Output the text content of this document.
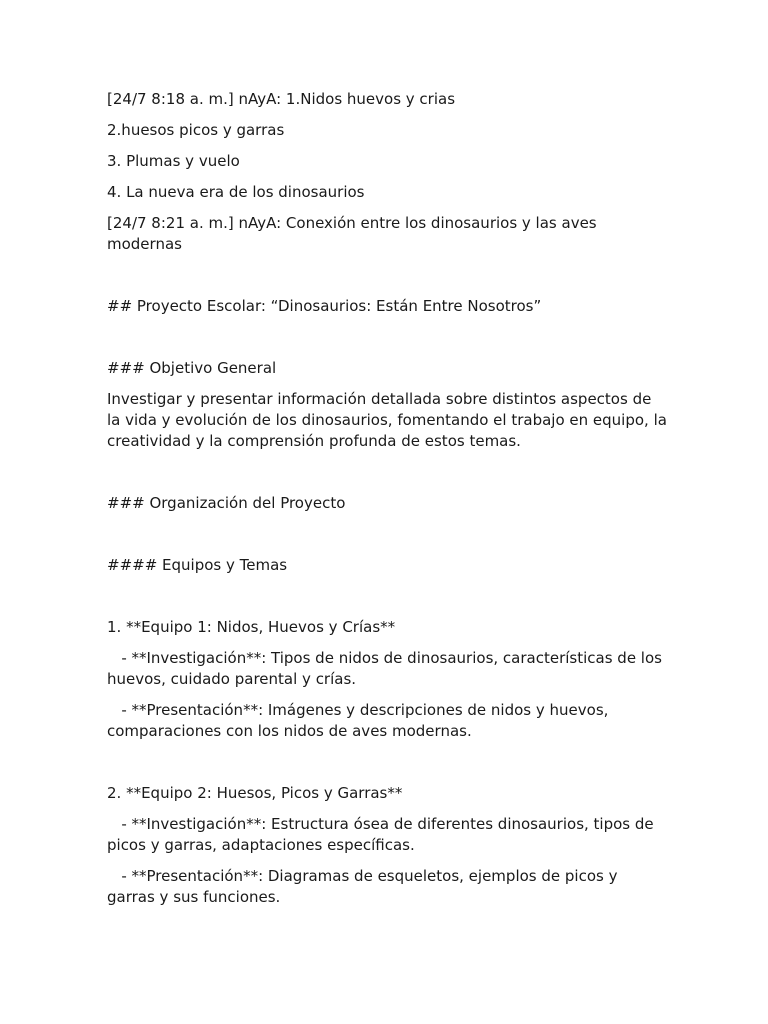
[24/7 8:18 a. m.] nAyA: 1.Nidos huevos y crias

2.huesos picos y garras

3. Plumas y vuelo

4. La nueva era de los dinosaurios

[24/7 8:21 a. m.] nAyA: Conexión entre los dinosaurios y las aves modernas

## Proyecto Escolar: “Dinosaurios: Están Entre Nosotros”

### Objetivo General

Investigar y presentar información detallada sobre distintos aspectos de la vida y evolución de los dinosaurios, fomentando el trabajo en equipo, la creatividad y la comprensión profunda de estos temas.

### Organización del Proyecto

#### Equipos y Temas

1. **Equipo 1: Nidos, Huevos y Crías**

- **Investigación**: Tipos de nidos de dinosaurios, características de los huevos, cuidado parental y crías.

- **Presentación**: Imágenes y descripciones de nidos y huevos, comparaciones con los nidos de aves modernas.

2. **Equipo 2: Huesos, Picos y Garras**

- **Investigación**: Estructura ósea de diferentes dinosaurios, tipos de picos y garras, adaptaciones específicas.

- **Presentación**: Diagramas de esqueletos, ejemplos de picos y garras y sus funciones.
